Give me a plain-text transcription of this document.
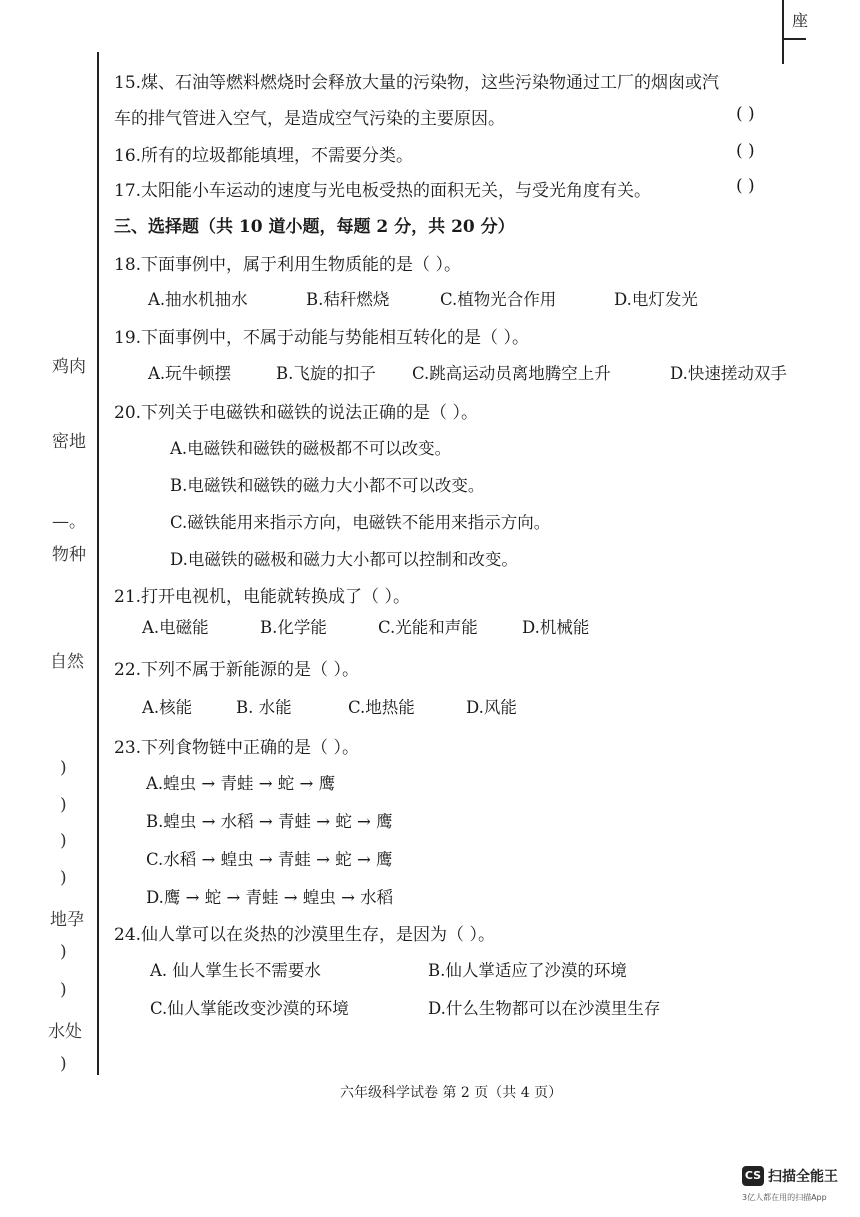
座
鸡肉
密地
—。
物种
自然
)
)
)
)
地孕
)
)
水处
)
15.煤、石油等燃料燃烧时会释放大量的污染物，这些污染物通过工厂的烟囱或汽
车的排气管进入空气，是造成空气污染的主要原因。	( )
16.所有的垃圾都能填埋，不需要分类。	( )
17.太阳能小车运动的速度与光电板受热的面积无关，与受光角度有关。	( )
三、选择题（共 10 道小题，每题 2 分，共 20 分）
18.下面事例中，属于利用生物质能的是（ ）。
A.抽水机抽水	B.秸秆燃烧	C.植物光合作用	D.电灯发光
19.下面事例中，不属于动能与势能相互转化的是（ ）。
A.玩牛顿摆	B.飞旋的扣子 C.跳高运动员离地腾空上升	D.快速搓动双手
20.下列关于电磁铁和磁铁的说法正确的是（ ）。
A.电磁铁和磁铁的磁极都不可以改变。
B.电磁铁和磁铁的磁力大小都不可以改变。
C.磁铁能用来指示方向，电磁铁不能用来指示方向。
D.电磁铁的磁极和磁力大小都可以控制和改变。
21.打开电视机，电能就转换成了（ ）。
A.电磁能	B.化学能	C.光能和声能	D.机械能
22.下列不属于新能源的是（ ）。
A.核能	B. 水能	C.地热能	D.风能
23.下列食物链中正确的是（ ）。
A.蝗虫 → 青蛙 → 蛇 → 鹰
B.蝗虫 → 水稻 → 青蛙 → 蛇 → 鹰
C.水稻 → 蝗虫 → 青蛙 → 蛇 → 鹰
D.鹰 → 蛇 → 青蛙 → 蝗虫 → 水稻
24.仙人掌可以在炎热的沙漠里生存，是因为（ ）。
A. 仙人掌生长不需要水	B.仙人掌适应了沙漠的环境
C.仙人掌能改变沙漠的环境	D.什么生物都可以在沙漠里生存
六年级科学试卷 第 2 页（共 4 页）
CS 扫描全能王
3亿人都在用的扫描App
